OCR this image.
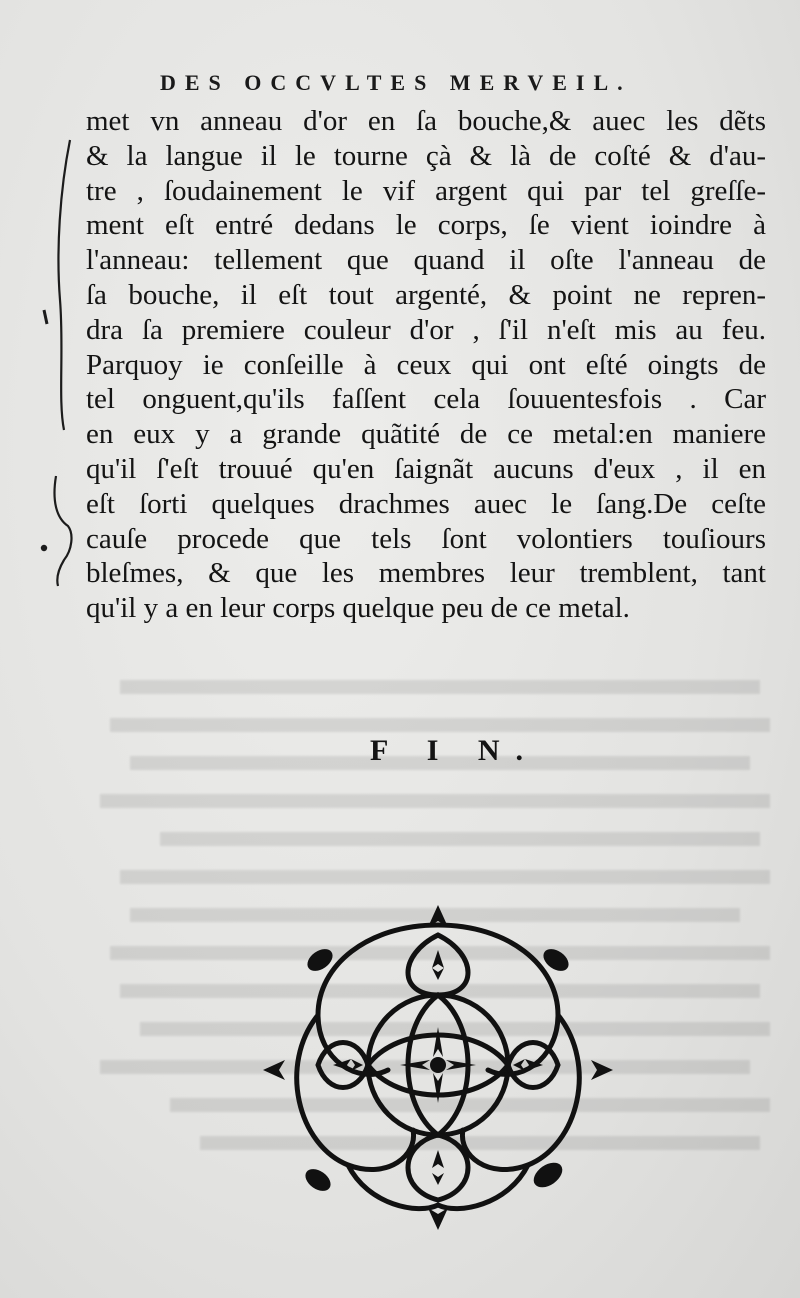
DES OCCVLTES MERVEIL.
met vn anneau d'or en ſa bouche,& auec les dẽts
& la langue il le tourne çà & là de coſté & d'au-
tre , ſoudainement le vif argent qui par tel greſſe-
ment eſt entré dedans le corps, ſe vient ioindre à
l'anneau: tellement que quand il oſte l'anneau de
ſa bouche, il eſt tout argenté, & point ne repren-
dra ſa premiere couleur d'or , ſ'il n'eſt mis au feu.
Parquoy ie conſeille à ceux qui ont eſté oingts de
tel onguent,qu'ils faſſent cela ſouuentesfois . Car
en eux y a grande quãtité de ce metal:en maniere
qu'il ſ'eſt trouué qu'en ſaignãt aucuns d'eux , il en
eſt ſorti quelques drachmes auec le ſang.De ceſte
cauſe procede que tels ſont volontiers touſiours
bleſmes, & que les membres leur tremblent, tant
qu'il y a en leur corps quelque peu de ce metal.
F I N.
